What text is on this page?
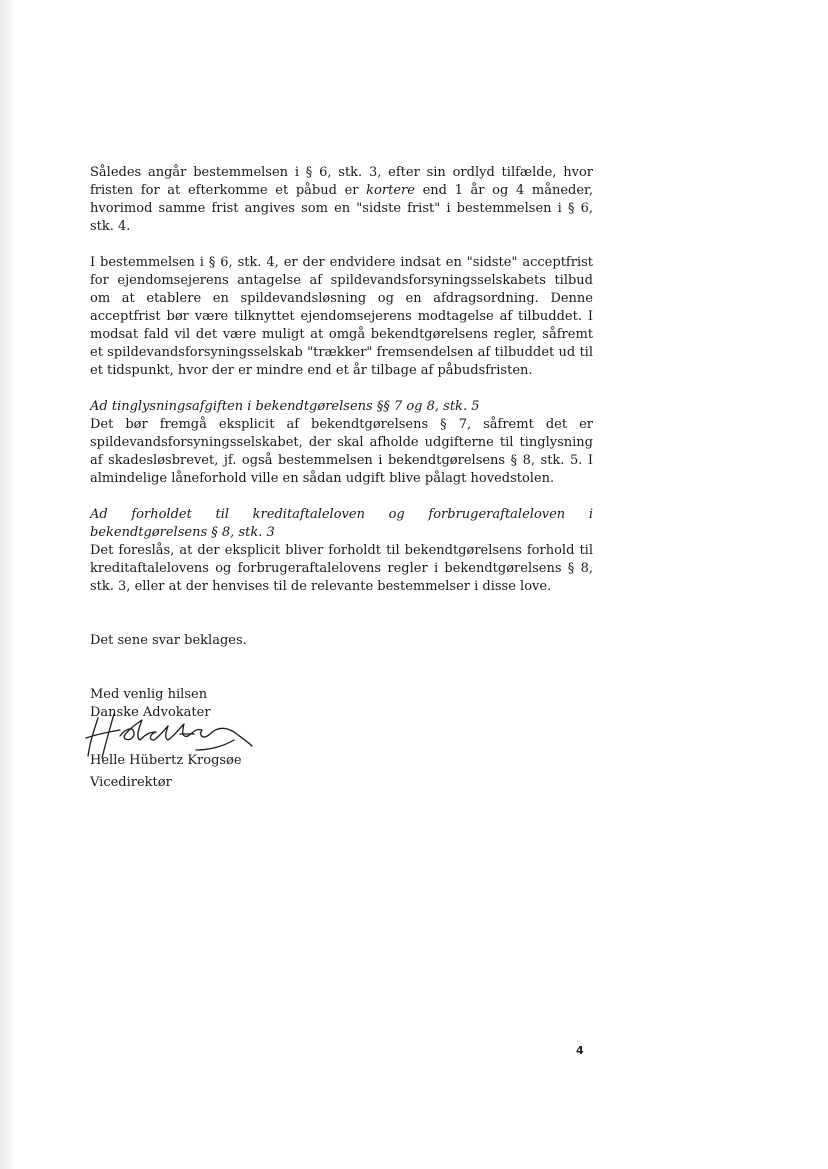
Således angår bestemmelsen i § 6, stk. 3, efter sin ordlyd tilfælde, hvor fristen for at efterkomme et påbud er kortere end 1 år og 4 måneder, hvorimod samme frist angives som en "sidste frist" i bestemmelsen i § 6, stk. 4.

I bestemmelsen i § 6, stk. 4, er der endvidere indsat en "sidste" acceptfrist for ejendomsejerens antagelse af spildevandsforsyningsselskabets tilbud om at etablere en spildevandsløsning og en afdragsordning. Denne acceptfrist bør være tilknyttet ejendomsejerens modtagelse af tilbuddet. I modsat fald vil det være muligt at omgå bekendtgørelsens regler, såfremt et spildevandsforsyningsselskab "trækker" fremsendelsen af tilbuddet ud til et tidspunkt, hvor der er mindre end et år tilbage af påbudsfristen.

Ad tinglysningsafgiften i bekendtgørelsens §§ 7 og 8, stk. 5

Det bør fremgå eksplicit af bekendtgørelsens § 7, såfremt det er spildevandsforsyningsselskabet, der skal afholde udgifterne til tinglysning af skadesløsbrevet, jf. også bestemmelsen i bekendtgørelsens § 8, stk. 5. I almindelige låneforhold ville en sådan udgift blive pålagt hovedstolen.

Ad forholdet til kreditaftaleloven og forbrugeraftaleloven i bekendtgørelsens § 8, stk. 3

Det foreslås, at der eksplicit bliver forholdt til bekendtgørelsens forhold til kreditaftalelovens og forbrugeraftalelovens regler i bekendtgørelsens § 8, stk. 3, eller at der henvises til de relevante bestemmelser i disse love.

Det sene svar beklages.

Med venlig hilsen
Danske Advokater
Helle Hübertz Krogsøe
Vicedirektør
4
